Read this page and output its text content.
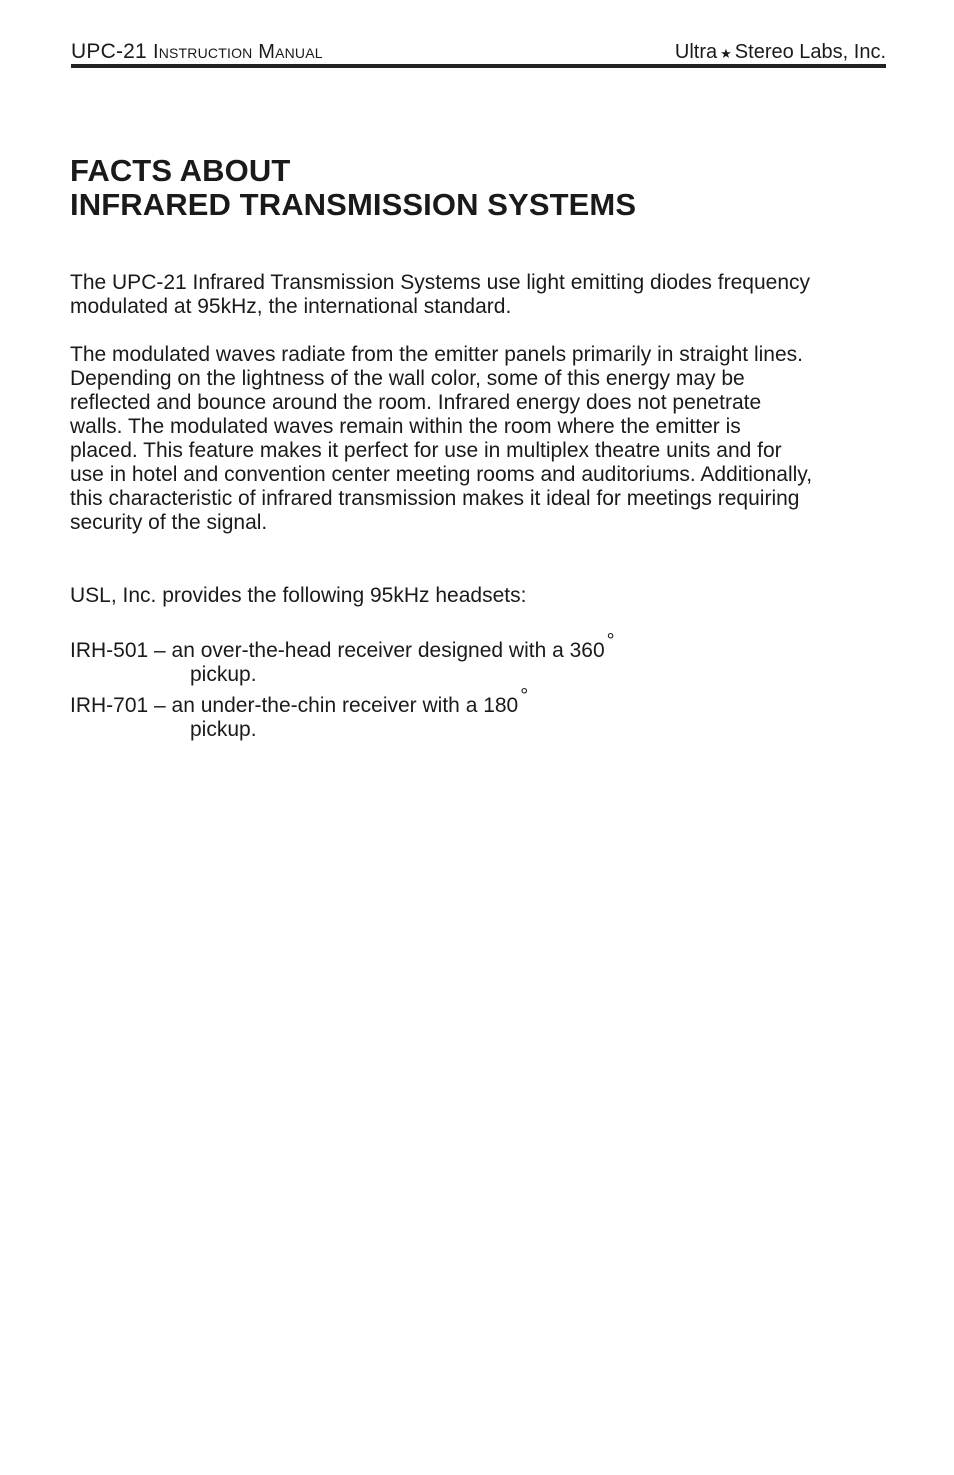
UPC-21 Instruction Manual	Ultra ★ Stereo Labs, Inc.
FACTS ABOUT
INFRARED TRANSMISSION SYSTEMS

The UPC-21 Infrared Transmission Systems use light emitting diodes frequency
modulated at 95kHz, the international standard.

The modulated waves radiate from the emitter panels primarily in straight lines.
Depending on the lightness of the wall color, some of this energy may be
reflected and bounce around the room. Infrared energy does not penetrate
walls. The modulated waves remain within the room where the emitter is
placed. This feature makes it perfect for use in multiplex theatre units and for
use in hotel and convention center meeting rooms and auditoriums. Additionally,
this characteristic of infrared transmission makes it ideal for meetings requiring
security of the signal.

USL, Inc. provides the following 95kHz headsets:

IRH-501 – an over-the-head receiver designed with a 360 °
pickup.
IRH-701 – an under-the-chin receiver with a 180 °
pickup.
